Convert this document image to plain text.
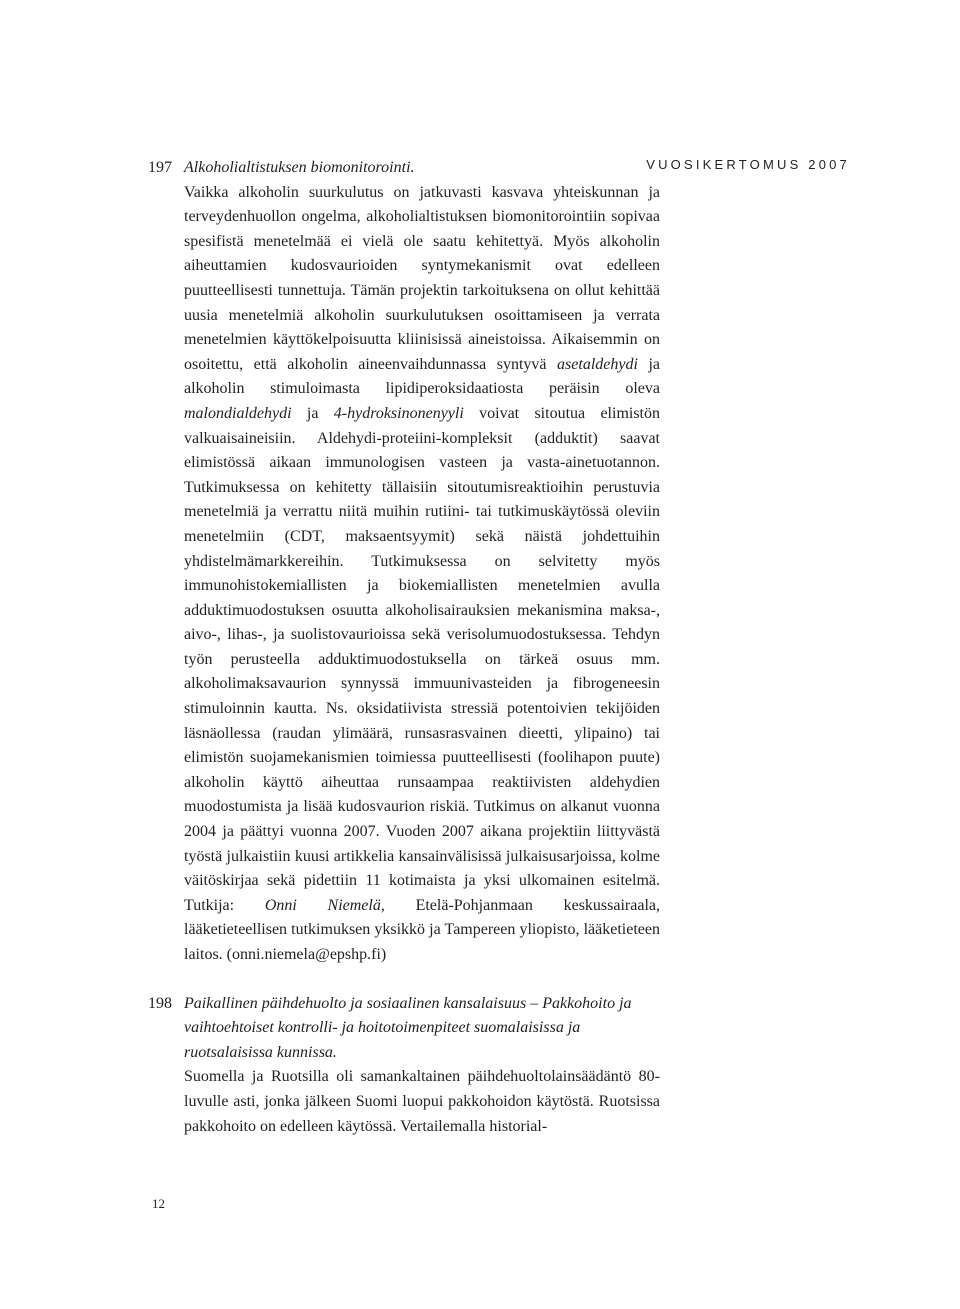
VUOSIKERTOMUS 2007
197 Alkoholialtistuksen biomonitorointi.
Vaikka alkoholin suurkulutus on jatkuvasti kasvava yhteiskunnan ja terveydenhuollon ongelma, alkoholialtistuksen biomonitorointiin sopivaa spesifistä menetelmää ei vielä ole saatu kehitettyä. Myös alkoholin aiheuttamien kudosvaurioiden syntymekanismit ovat edelleen puutteellisesti tunnettuja. Tämän projektin tarkoituksena on ollut kehittää uusia menetelmiä alkoholin suurkulutuksen osoittamiseen ja verrata menetelmien käyttökelpoisuutta kliinisissä aineistoissa. Aikaisemmin on osoitettu, että alkoholin aineenvaihdunnassa syntyvä asetaldehydi ja alkoholin stimuloimasta lipidiperoksidaatiosta peräisin oleva malondialdehydi ja 4-hydroksinonenyyli voivat sitoutua elimistön valkuaisaineisiin. Aldehydi-proteiini-kompleksit (adduktit) saavat elimistössä aikaan immunologisen vasteen ja vasta-ainetuotannon. Tutkimuksessa on kehitetty tällaisiin sitoutumisreaktioihin perustuvia menetelmiä ja verrattu niitä muihin rutiini- tai tutkimuskäytössä oleviin menetelmiin (CDT, maksaentsyymit) sekä näistä johdettuihin yhdistelmämarkkereihin. Tutkimuksessa on selvitetty myös immunohistokemiallisten ja biokemiallisten menetelmien avulla adduktimuodostuksen osuutta alkoholisairauksien mekanismina maksa-, aivo-, lihas-, ja suolistovaurioissa sekä verisolumuodostuksessa. Tehdyn työn perusteella adduktimuodostuksella on tärkeä osuus mm. alkoholimaksavaurion synnyssä immuunivasteiden ja fibrogeneesin stimuloinnin kautta. Ns. oksidatiivista stressiä potentoivien tekijöiden läsnäollessa (raudan ylimäärä, runsasrasvainen dieetti, ylipaino) tai elimistön suojamekanismien toimiessa puutteellisesti (foolihapon puute) alkoholin käyttö aiheuttaa runsaampaa reaktiivisten aldehydien muodostumista ja lisää kudosvaurion riskiä. Tutkimus on alkanut vuonna 2004 ja päättyi vuonna 2007. Vuoden 2007 aikana projektiin liittyvästä työstä julkaistiin kuusi artikkelia kansainvälisissä julkaisusarjoissa, kolme väitöskirjaa sekä pidettiin 11 kotimaista ja yksi ulkomainen esitelmä. Tutkija: Onni Niemelä, Etelä-Pohjanmaan keskussairaala, lääketieteellisen tutkimuksen yksikkö ja Tampereen yliopisto, lääketieteen laitos. (onni.niemela@epshp.fi)
198 Paikallinen päihdehuolto ja sosiaalinen kansalaisuus – Pakkohoito ja vaihtoehtoiset kontrolli- ja hoitotoimenpiteet suomalaisissa ja ruotsalaisissa kunnissa.
Suomella ja Ruotsilla oli samankaltainen päihdehuoltolainsäädäntö 80-luvulle asti, jonka jälkeen Suomi luopui pakkohoidon käytöstä. Ruotsissa pakkohoito on edelleen käytössä. Vertailemalla historial-
12
